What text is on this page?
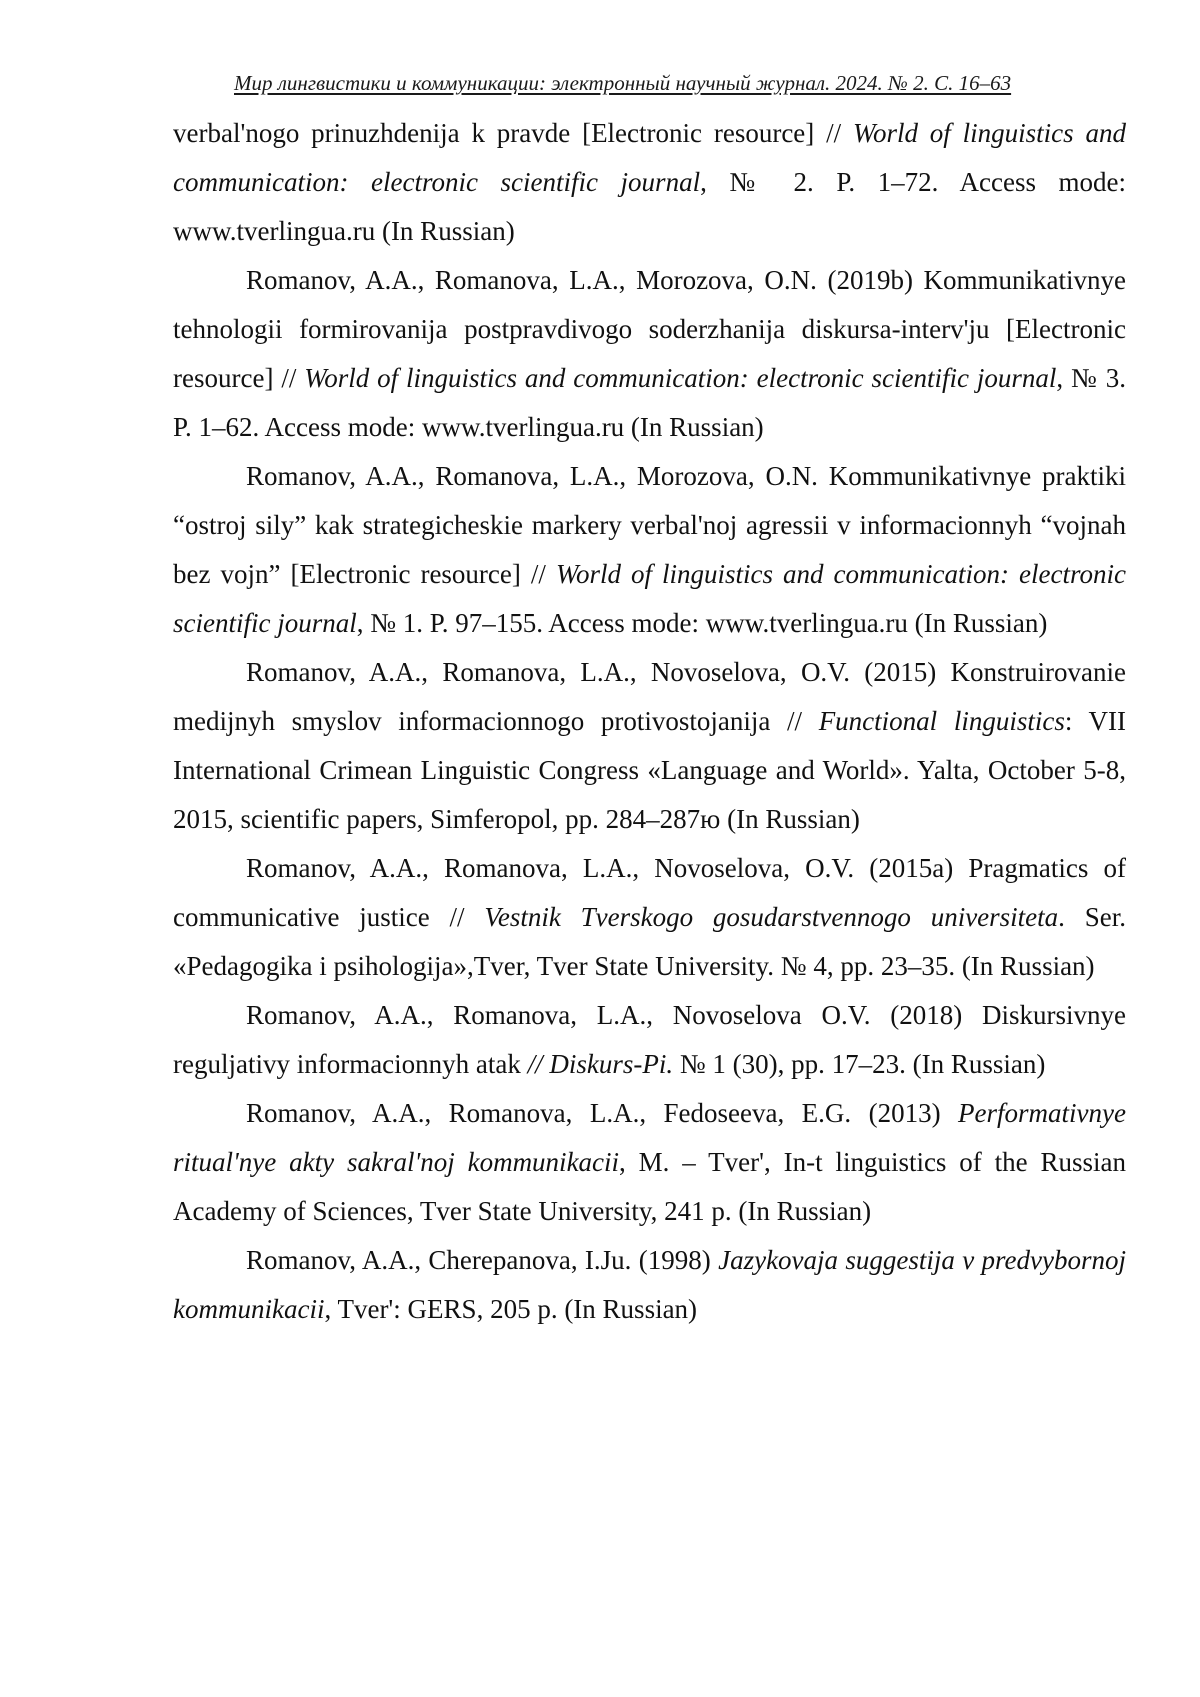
Мир лингвистики и коммуникации: электронный научный журнал. 2024. № 2. С. 16–63

verbal'nogo prinuzhdenija k pravde [Electronic resource] // World of linguistics and communication: electronic scientific journal, № 2. P. 1–72. Access mode: www.tverlingua.ru (In Russian)

Romanov, A.A., Romanova, L.A., Morozova, O.N. (2019b) Kommunikativnye tehnologii formirovanija postpravdivogo soderzhanija diskursa-interv'ju [Electronic resource] // World of linguistics and communication: electronic scientific journal, № 3. P. 1–62. Access mode: www.tverlingua.ru (In Russian)

Romanov, A.A., Romanova, L.A., Morozova, O.N. Kommunikativnye praktiki “ostroj sily” kak strategicheskie markery verbal'noj agressii v informacionnyh “vojnah bez vojn” [Electronic resource] // World of linguistics and communication: electronic scientific journal, № 1. P. 97–155. Access mode: www.tverlingua.ru (In Russian)

Romanov, A.A., Romanova, L.A., Novoselova, O.V. (2015) Konstruirovanie medijnyh smyslov informacionnogo protivostojanija // Functional linguistics: VII International Crimean Linguistic Congress «Language and World». Yalta, October 5-8, 2015, scientific papers, Simferopol, pp. 284–287ю (In Russian)

Romanov, A.A., Romanova, L.A., Novoselova, O.V. (2015a) Pragmatics of communicative justice // Vestnik Tverskogo gosudarstvennogo universiteta. Ser. «Pedagogika i psihologija»,Tver, Tver State University. № 4, pp. 23–35. (In Russian)

Romanov, A.A., Romanova, L.A., Novoselova O.V. (2018) Diskursivnye reguljativy informacionnyh atak // Diskurs-Pi. № 1 (30), pp. 17–23. (In Russian)

Romanov, A.A., Romanova, L.A., Fedoseeva, E.G. (2013) Performativnye ritual'nye akty sakral'noj kommunikacii, M. – Tver', In-t linguistics of the Russian Academy of Sciences, Tver State University, 241 p. (In Russian)

Romanov, A.A., Cherepanova, I.Ju. (1998) Jazykovaja suggestija v predvybornoj kommunikacii, Tver': GERS, 205 p. (In Russian)
